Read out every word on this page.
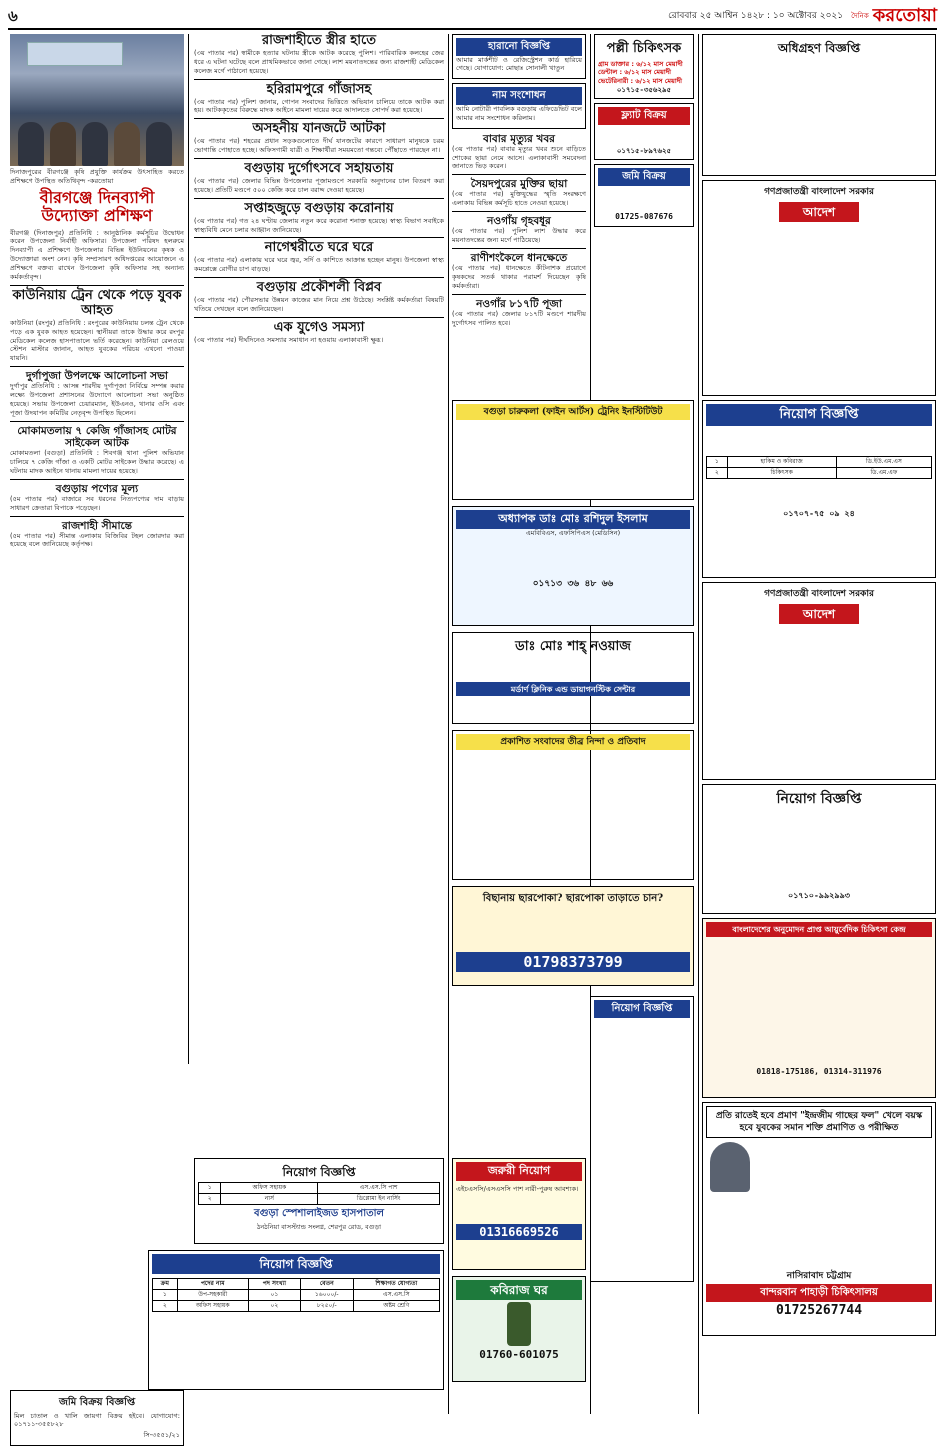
৬	রোববার ২৫ আশ্বিন ১৪২৮ : ১০ অক্টোবর ২০২১ দৈনিক করতোয়া

দিনাজপুরের বীরগঞ্জে কৃষি প্রযুক্তি কার্যক্রম উৎসাহিত করতে প্রশিক্ষণে উপস্থিত অতিথিবৃন্দ -করতোয়া

বীরগঞ্জে দিনব্যাপী উদ্যোক্তা প্রশিক্ষণ

বীরগঞ্জ (দিনাজপুর) প্রতিনিধি : আনুষ্ঠানিক কর্মসূচির উদ্বোধন করেন উপজেলা নির্বাহী অফিসার। উপজেলা পরিষদ হলরুমে দিনব্যাপী এ প্রশিক্ষণে উপজেলার বিভিন্ন ইউনিয়নের কৃষক ও উদ্যোক্তারা অংশ নেন। কৃষি সম্প্রসারণ অধিদপ্তরের আয়োজনে এ প্রশিক্ষণে বক্তব্য রাখেন উপজেলা কৃষি অফিসার সহ অন্যান্য কর্মকর্তাবৃন্দ।

কাউনিয়ায় ট্রেন থেকে পড়ে যুবক আহত

কাউনিয়া (রংপুর) প্রতিনিধি : রংপুরের কাউনিয়ায় চলন্ত ট্রেন থেকে পড়ে এক যুবক আহত হয়েছেন। স্থানীয়রা তাকে উদ্ধার করে রংপুর মেডিকেল কলেজ হাসপাতালে ভর্তি করেছেন। কাউনিয়া রেলওয়ে স্টেশন মাস্টার জানান, আহত যুবকের পরিচয় এখনো পাওয়া যায়নি।

দুর্গাপুজা উপলক্ষে আলোচনা সভা

দুর্গাপুর প্রতিনিধি : আসন্ন শারদীয় দুর্গাপূজা নির্বিঘ্নে সম্পন্ন করার লক্ষ্যে উপজেলা প্রশাসনের উদ্যোগে আলোচনা সভা অনুষ্ঠিত হয়েছে। সভায় উপজেলা চেয়ারম্যান, ইউএনও, থানার ওসি এবং পূজা উদযাপন কমিটির নেতৃবৃন্দ উপস্থিত ছিলেন।

মোকামতলায় ৭ কেজি গাঁজাসহ মোটর সাইকেল আটক

মোকামতলা (বগুড়া) প্রতিনিধি : শিবগঞ্জ থানা পুলিশ অভিযান চালিয়ে ৭ কেজি গাঁজা ও একটি মোটর সাইকেল উদ্ধার করেছে। এ ঘটনায় মাদক আইনে থানায় মামলা দায়ের হয়েছে।

বগুড়ায় পণ্যের মূল্য

(৫ম পাতার পর) বাজারে সব ধরনের নিত্যপণ্যের দাম বাড়ায় সাধারণ ক্রেতারা বিপাকে পড়েছেন।

রাজশাহী সীমান্তে

(৫ম পাতার পর) সীমান্ত এলাকায় বিজিবির টহল জোরদার করা হয়েছে বলে জানিয়েছে কর্তৃপক্ষ।

জমি বিক্রয় বিজ্ঞপ্তি

মিল চাতাল ও খালি জায়গা বিক্রয় হইবে। যোগাযোগ: ০১৭১১-৩৫৫৮২৮

সি-৩৫৫১/২১

রাজশাহীতে স্ত্রীর হাতে

(৩য় পাতার পর) স্বামীকে হত্যার ঘটনায় স্ত্রীকে আটক করেছে পুলিশ। পারিবারিক কলহের জের ধরে এ ঘটনা ঘটেছে বলে প্রাথমিকভাবে জানা গেছে। লাশ ময়নাতদন্তের জন্য রাজশাহী মেডিকেল কলেজ মর্গে পাঠানো হয়েছে।

হরিরামপুরে গাঁজাসহ

(৩য় পাতার পর) পুলিশ জানায়, গোপন সংবাদের ভিত্তিতে অভিযান চালিয়ে তাকে আটক করা হয়। আটককৃতের বিরুদ্ধে মাদক আইনে মামলা দায়ের করে আদালতে সোপর্দ করা হয়েছে।

অসহনীয় যানজটে আটকা

(৩য় পাতার পর) শহরের প্রধান সড়কগুলোতে দীর্ঘ যানজটের কারণে সাধারণ মানুষকে চরম ভোগান্তি পোহাতে হচ্ছে। অফিসগামী যাত্রী ও শিক্ষার্থীরা সময়মতো গন্তব্যে পৌঁছাতে পারছেন না।

বগুড়ায় দুর্গোৎসবে সহায়তায়

(৩য় পাতার পর) জেলার বিভিন্ন উপজেলার পূজামণ্ডপে সরকারি অনুদানের চাল বিতরণ করা হয়েছে। প্রতিটি মণ্ডপে ৫০০ কেজি করে চাল বরাদ্দ দেওয়া হয়েছে।

সপ্তাহজুড়ে বগুড়ায় করোনায়

(৩য় পাতার পর) গত ২৪ ঘণ্টায় জেলায় নতুন করে করোনা শনাক্ত হয়েছে। স্বাস্থ্য বিভাগ সবাইকে স্বাস্থ্যবিধি মেনে চলার আহ্বান জানিয়েছে।

নাগেশ্বরীতে ঘরে ঘরে

(৩য় পাতার পর) এলাকায় ঘরে ঘরে জ্বর, সর্দি ও কাশিতে আক্রান্ত হচ্ছেন মানুষ। উপজেলা স্বাস্থ্য কমপ্লেক্সে রোগীর চাপ বাড়ছে।

বগুড়ায় প্রকৌশলী বিপ্লব

(৩য় পাতার পর) পৌরসভার উন্নয়ন কাজের মান নিয়ে প্রশ্ন উঠেছে। সংশ্লিষ্ট কর্মকর্তারা বিষয়টি খতিয়ে দেখছেন বলে জানিয়েছেন।

এক যুগেও সমস্যা

(৩য় পাতার পর) দীর্ঘদিনেও সমস্যার সমাধান না হওয়ায় এলাকাবাসী ক্ষুব্ধ।

নিয়োগ বিজ্ঞপ্তি
১	অফিস সহায়ক	এস.এস.সি পাশ
২	নার্স	ডিপ্লোমা ইন নার্সিং
বগুড়া স্পেশালাইজড হাসপাতাল
ঠনঠনিয়া বাসস্ট্যান্ড সংলগ্ন, শেরপুর রোড, বগুড়া
হারানো বিজ্ঞপ্তি

আমার মার্কশীট ও রেজিস্ট্রেশন কার্ড হারিয়ে গেছে। যোগাযোগ: মোছাঃ সোনালী খাতুন

নাম সংশোধন

আমি নোটারী পাবলিক বগুড়ায় এফিডেভিট বলে আমার নাম সংশোধন করিলাম।

বাবার মৃত্যুর খবর

(৩য় পাতার পর) বাবার মৃত্যুর খবর শুনে বাড়িতে শোকের ছায়া নেমে আসে। এলাকাবাসী সমবেদনা জানাতে ভিড় করেন।

সৈয়দপুরের মুক্তির ছায়া

(৩য় পাতার পর) মুক্তিযুদ্ধের স্মৃতি সংরক্ষণে এলাকায় বিভিন্ন কর্মসূচি হাতে নেওয়া হয়েছে।

নওগাঁয় গৃহবধূর

(৩য় পাতার পর) পুলিশ লাশ উদ্ধার করে ময়নাতদন্তের জন্য মর্গে পাঠিয়েছে।

রাণীশংকৈলে ধানক্ষেতে

(৩য় পাতার পর) ধানক্ষেতে কীটনাশক প্রয়োগে কৃষকদের সতর্ক থাকার পরামর্শ দিয়েছেন কৃষি কর্মকর্তারা।

নওগাঁর ৮১৭টি পূজা

(৩য় পাতার পর) জেলার ৮১৭টি মণ্ডপে শারদীয় দুর্গোৎসব পালিত হবে।

জরুরী নিয়োগ

এইচএসসি/এসএসসি পাশ নারী-পুরুষ আবশ্যক।

01316669526
কবিরাজ ঘর
01760-601075
পল্লী চিকিৎসক
গ্রাম ডাক্তার : ৬/১২ মাস মেয়াদী
ডেন্টাল : ৬/১২ মাস মেয়াদী
ভেটেরিনারী : ৬/১২ মাস মেয়াদী
০১৭১৫-৩৫৬২৯৫
ফ্ল্যাট বিক্রয়
০১৭১৫-৮৯৭৬২৫
জমি বিক্রয়
01725-087676
বগুড়া চারুকলা (ফাইন আর্টস) ট্রেনিং ইনস্টিটিউট
অধ্যাপক ডাঃ মোঃ রশিদুল ইসলাম
এমবিবিএস, এফসিপিএস (মেডিসিন)
০১৭১৩ ৩৬ ৪৮ ৬৬
ডাঃ মোঃ শাহ্ নওয়াজ
মর্ডার্ণ ক্লিনিক এন্ড ডায়াগনস্টিক সেন্টার
প্রকাশিত সংবাদের তীব্র নিন্দা ও প্রতিবাদ
বিছানায় ছারপোকা? ছারপোকা তাড়াতে চান?
01798373799
নিয়োগ বিজ্ঞপ্তি
অধিগ্রহণ বিজ্ঞপ্তি
গণপ্রজাতন্ত্রী বাংলাদেশ সরকার
আদেশ
নিয়োগ বিজ্ঞপ্তি
১	হাকিম ও কবিরাজ	ডি.ইউ.এম.এস
২	চিকিৎসক	ডি.এম.এফ
০১৭০৭-৭৫ ০৯ ২৪
গণপ্রজাতন্ত্রী বাংলাদেশ সরকার
আদেশ
নিয়োগ বিজ্ঞপ্তি
০১৭১০-৯৯২৯৯৩
বাংলাদেশের অনুমোদন প্রাপ্ত আয়ুর্বেদিক চিকিৎসা কেন্দ্র
01818-175186, 01314-311976
প্রতি রাতেই হবে প্রমাণ "ইন্দ্রজীম গাছের ফল" খেলে বয়স্ক হবে যুবকের সমান শক্তি প্রমাণিত ও পরীক্ষিত
নাসিরাবাদ চট্টগ্রাম
বান্দরবান পাহাড়ী চিকিৎসালয়
01725267744
নিয়োগ বিজ্ঞপ্তি
ক্রম	পদের নাম	পদ সংখ্যা	বেতন	শিক্ষাগত যোগ্যতা
১	উপ-সহকারী	০১	১৬০০০/-	এস.এস.সি
২	অফিস সহায়ক	০২	৮২৫০/-	অষ্টম শ্রেণি
